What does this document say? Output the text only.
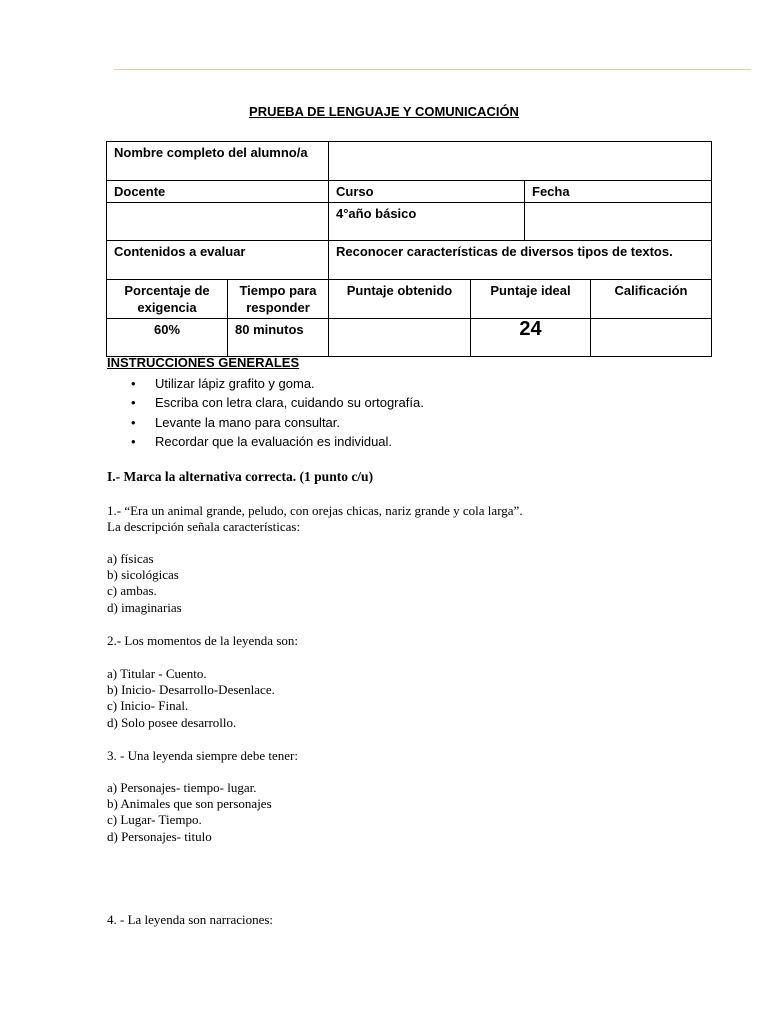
PRUEBA DE LENGUAJE Y COMUNICACIÓN
Nombre completo del alumno/a					
Docente		Curso		Fecha	
		4°año básico			
Contenidos a evaluar		Reconocer características de diversos tipos de textos.			
Porcentaje de exigencia	Tiempo para responder	Puntaje obtenido	Puntaje ideal		Calificación
60%	80 minutos		24		
INSTRUCCIONES GENERALES
• Utilizar lápiz grafito y goma.
• Escriba con letra clara, cuidando su ortografía.
• Levante la mano para consultar.
• Recordar que la evaluación es individual.
I.- Marca la alternativa correcta. (1 punto c/u)
1.- “Era un animal grande, peludo, con orejas chicas, nariz grande y cola larga”.
La descripción señala características:
a) físicas
b) sicológicas
c) ambas.
d) imaginarias
2.- Los momentos de la leyenda son:
a) Titular - Cuento.
b) Inicio- Desarrollo-Desenlace.
c) Inicio- Final.
d) Solo posee desarrollo.
3. - Una leyenda siempre debe tener:
a) Personajes- tiempo- lugar.
b) Animales que son personajes
c) Lugar- Tiempo.
d) Personajes- titulo
4. - La leyenda son narraciones:
